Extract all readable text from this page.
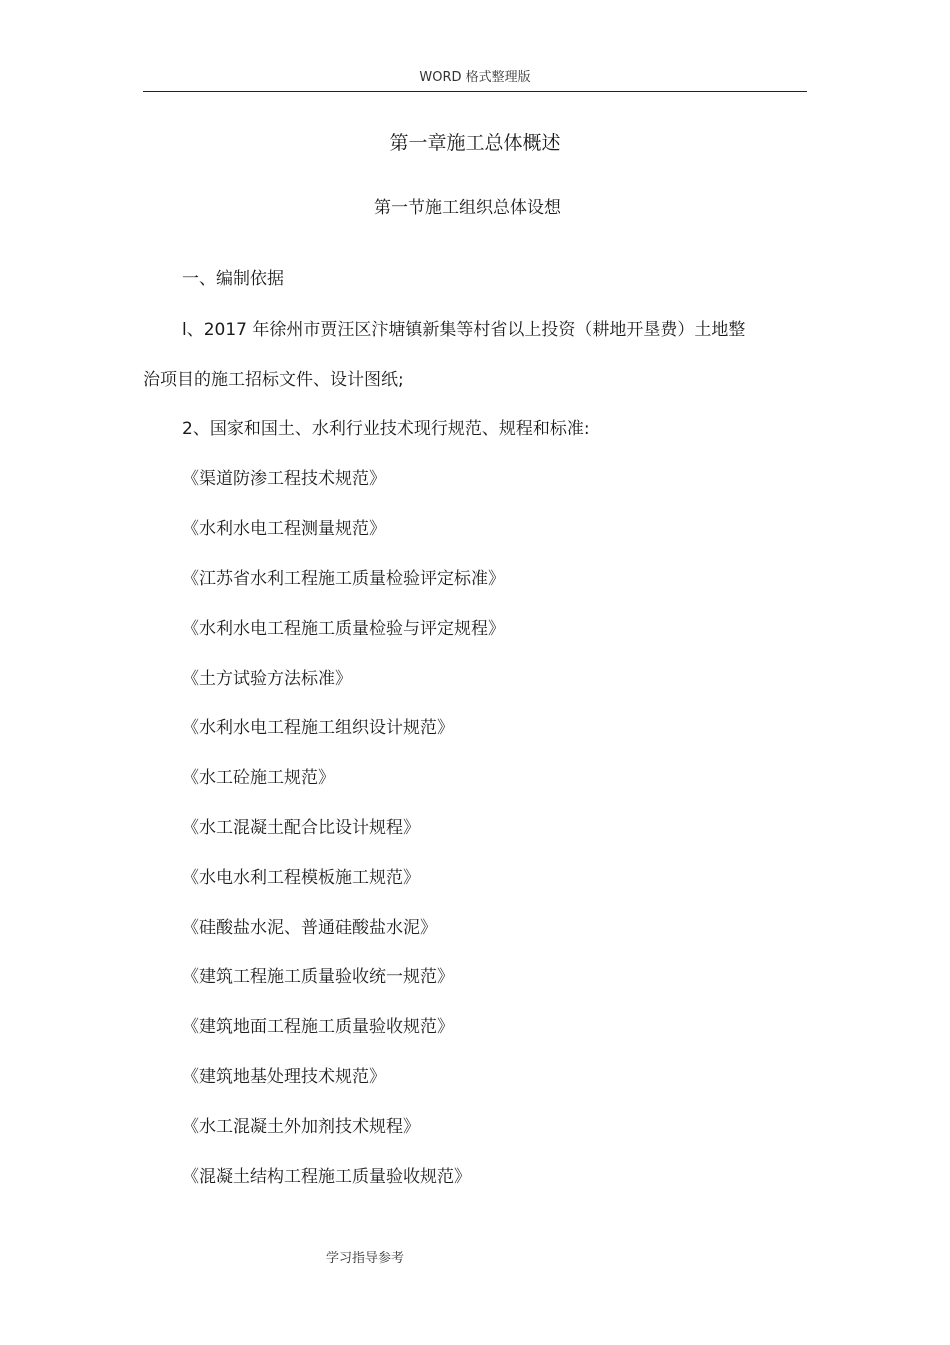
WORD 格式整理版
第一章施工总体概述
第一节施工组织总体设想
一、编制依据
l、2017 年徐州市贾汪区汴塘镇新集等村省以上投资（耕地开垦费）土地整
治项目的施工招标文件、设计图纸;
2、国家和国土、水利行业技术现行规范、规程和标准:
《渠道防渗工程技术规范》
《水利水电工程测量规范》
《江苏省水利工程施工质量检验评定标准》
《水利水电工程施工质量检验与评定规程》
《土方试验方法标准》
《水利水电工程施工组织设计规范》
《水工砼施工规范》
《水工混凝土配合比设计规程》
《水电水利工程模板施工规范》
《硅酸盐水泥、普通硅酸盐水泥》
《建筑工程施工质量验收统一规范》
《建筑地面工程施工质量验收规范》
《建筑地基处理技术规范》
《水工混凝土外加剂技术规程》
《混凝土结构工程施工质量验收规范》
学习指导参考
